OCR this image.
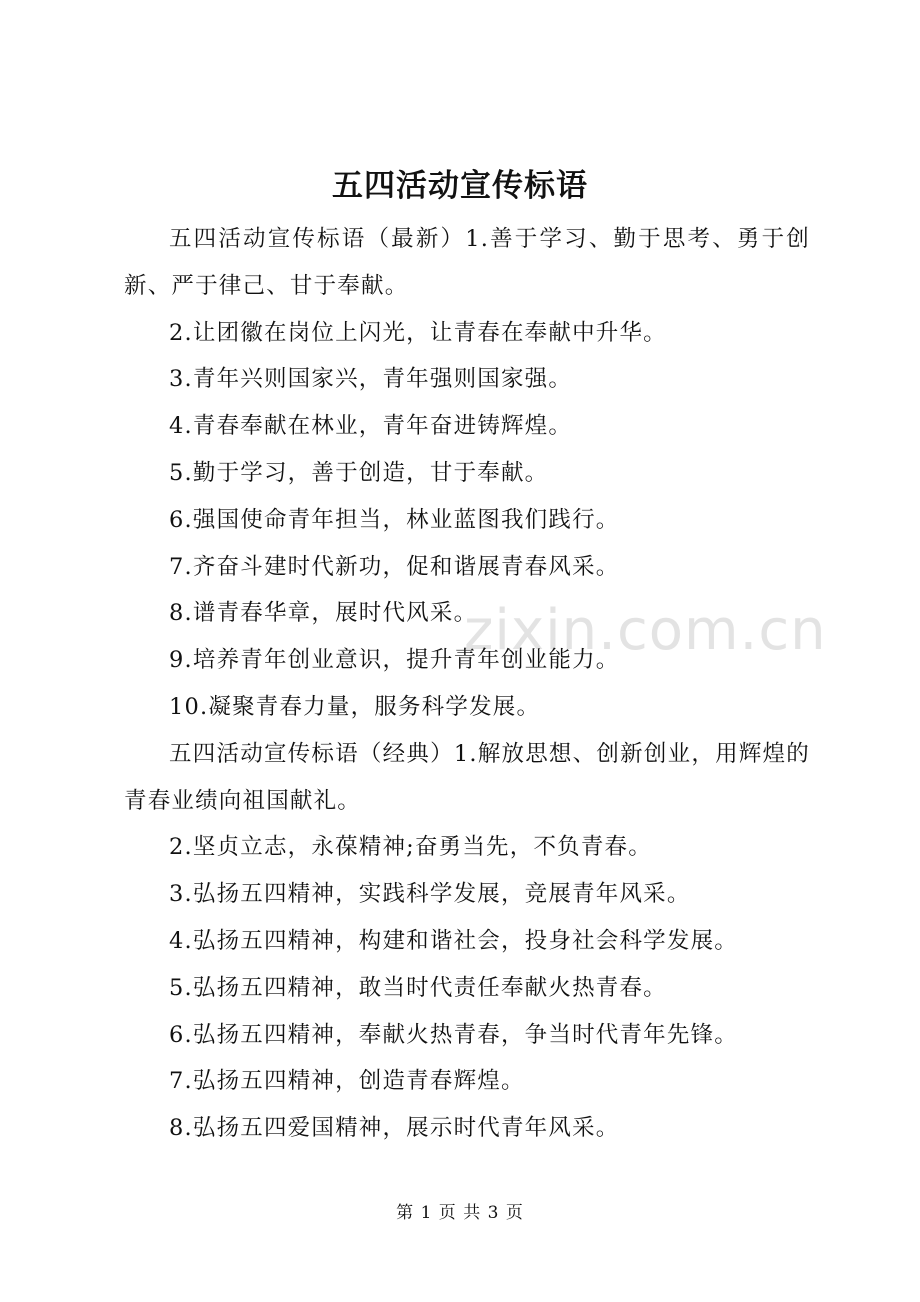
zixin.com.cn
五四活动宣传标语

五四活动宣传标语（最新）1.善于学习、勤于思考、勇于创新、严于律己、甘于奉献。

2.让团徽在岗位上闪光，让青春在奉献中升华。

3.青年兴则国家兴，青年强则国家强。

4.青春奉献在林业，青年奋进铸辉煌。

5.勤于学习，善于创造，甘于奉献。

6.强国使命青年担当，林业蓝图我们践行。

7.齐奋斗建时代新功，促和谐展青春风采。

8.谱青春华章，展时代风采。

9.培养青年创业意识，提升青年创业能力。

10.凝聚青春力量，服务科学发展。

五四活动宣传标语（经典）1.解放思想、创新创业，用辉煌的青春业绩向祖国献礼。

2.坚贞立志，永葆精神;奋勇当先，不负青春。

3.弘扬五四精神，实践科学发展，竞展青年风采。

4.弘扬五四精神，构建和谐社会，投身社会科学发展。

5.弘扬五四精神，敢当时代责任奉献火热青春。

6.弘扬五四精神，奉献火热青春，争当时代青年先锋。

7.弘扬五四精神，创造青春辉煌。

8.弘扬五四爱国精神，展示时代青年风采。

第 1 页 共 3 页
